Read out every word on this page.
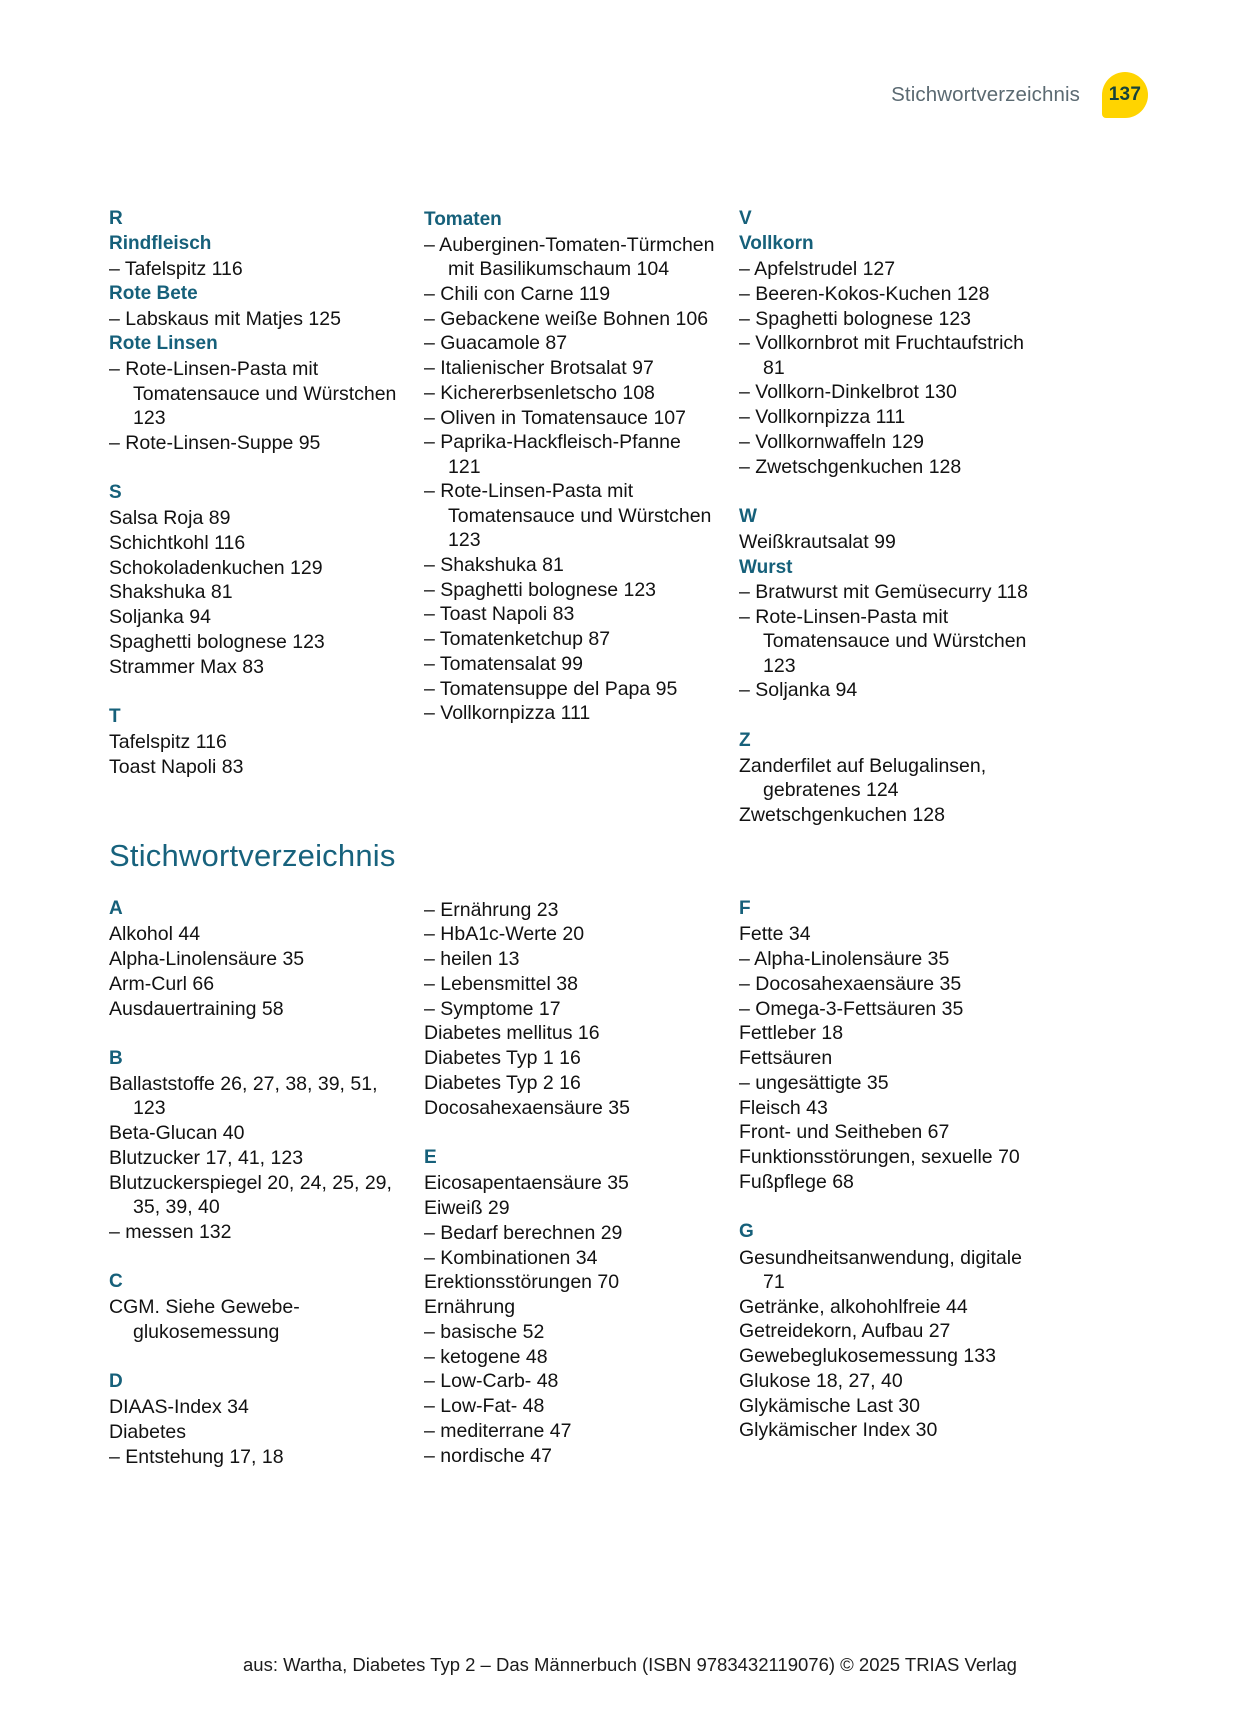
Stichwortverzeichnis	137
R
Rindfleisch
– Tafelspitz 116
Rote Bete
– Labskaus mit Matjes 125
Rote Linsen
– Rote-Linsen-Pasta mit Tomatensauce und Würstchen 123
– Rote-Linsen-Suppe 95
S
Salsa Roja 89
Schichtkohl 116
Schokoladenkuchen 129
Shakshuka 81
Soljanka 94
Spaghetti bolognese 123
Strammer Max 83
T
Tafelspitz 116
Toast Napoli 83
Tomaten
– Auberginen-Tomaten-Türmchen mit Basilikumschaum 104
– Chili con Carne 119
– Gebackene weiße Bohnen 106
– Guacamole 87
– Italienischer Brotsalat 97
– Kichererbsenletscho 108
– Oliven in Tomatensauce 107
– Paprika-Hackfleisch-Pfanne 121
– Rote-Linsen-Pasta mit Tomatensauce und Würstchen 123
– Shakshuka 81
– Spaghetti bolognese 123
– Toast Napoli 83
– Tomatenketchup 87
– Tomatensalat 99
– Tomatensuppe del Papa 95
– Vollkornpizza 111
V
Vollkorn
– Apfelstrudel 127
– Beeren-Kokos-Kuchen 128
– Spaghetti bolognese 123
– Vollkornbrot mit Fruchtaufstrich 81
– Vollkorn-Dinkelbrot 130
– Vollkornpizza 111
– Vollkornwaffeln 129
– Zwetschgenkuchen 128
W
Weißkrautsalat 99
Wurst
– Bratwurst mit Gemüsecurry 118
– Rote-Linsen-Pasta mit Tomatensauce und Würstchen 123
– Soljanka 94
Z
Zanderfilet auf Belugalinsen, gebratenes 124
Zwetschgenkuchen 128
Stichwortverzeichnis
A
Alkohol 44
Alpha-Linolensäure 35
Arm-Curl 66
Ausdauertraining 58
B
Ballaststoffe 26, 27, 38, 39, 51, 123
Beta-Glucan 40
Blutzucker 17, 41, 123
Blutzuckerspiegel 20, 24, 25, 29, 35, 39, 40
– messen 132
C
CGM. Siehe Gewebe-glukosemessung
D
DIAAS-Index 34
Diabetes
– Entstehung 17, 18
– Ernährung 23
– HbA1c-Werte 20
– heilen 13
– Lebensmittel 38
– Symptome 17
Diabetes mellitus 16
Diabetes Typ 1 16
Diabetes Typ 2 16
Docosahexaensäure 35
E
Eicosapentaensäure 35
Eiweiß 29
– Bedarf berechnen 29
– Kombinationen 34
Erektionsstörungen 70
Ernährung
– basische 52
– ketogene 48
– Low-Carb- 48
– Low-Fat- 48
– mediterrane 47
– nordische 47
F
Fette 34
– Alpha-Linolensäure 35
– Docosahexaensäure 35
– Omega-3-Fettsäuren 35
Fettleber 18
Fettsäuren
– ungesättigte 35
Fleisch 43
Front- und Seitheben 67
Funktionsstörungen, sexuelle 70
Fußpflege 68
G
Gesundheitsanwendung, digitale 71
Getränke, alkohohlfreie 44
Getreidekorn, Aufbau 27
Gewebeglukosemessung 133
Glukose 18, 27, 40
Glykämische Last 30
Glykämischer Index 30
aus: Wartha, Diabetes Typ 2 – Das Männerbuch (ISBN 9783432119076) © 2025 TRIAS Verlag
